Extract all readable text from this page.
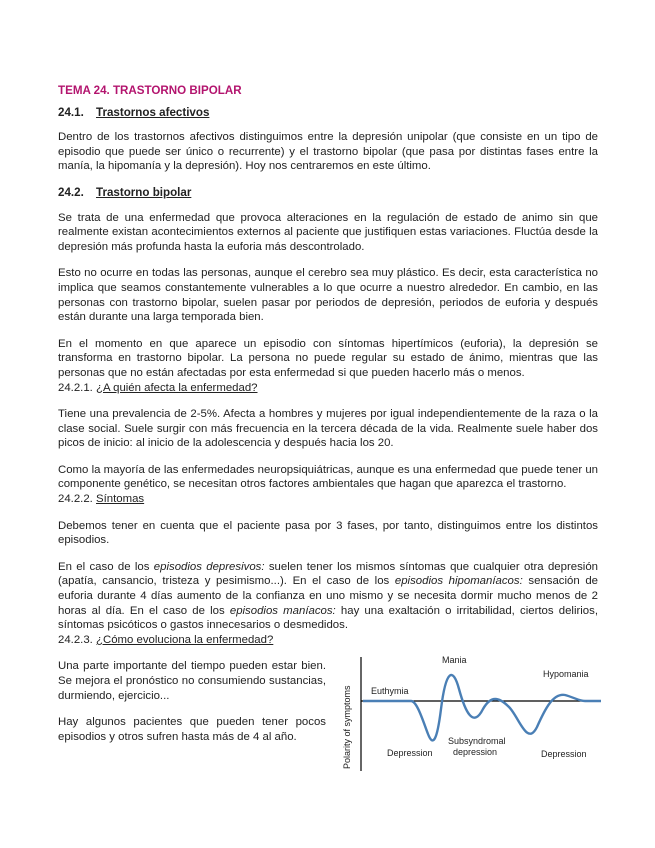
TEMA 24. TRASTORNO BIPOLAR
24.1. Trastornos afectivos

Dentro de los trastornos afectivos distinguimos entre la depresión unipolar (que consiste en un tipo de episodio que puede ser único o recurrente) y el trastorno bipolar (que pasa por distintas fases entre la manía, la hipomanía y la depresión). Hoy nos centraremos en este último.

24.2. Trastorno bipolar

Se trata de una enfermedad que provoca alteraciones en la regulación de estado de animo sin que realmente existan acontecimientos externos al paciente que justifiquen estas variaciones. Fluctúa desde la depresión más profunda hasta la euforia más descontrolado.

Esto no ocurre en todas las personas, aunque el cerebro sea muy plástico. Es decir, esta característica no implica que seamos constantemente vulnerables a lo que ocurre a nuestro alrededor. En cambio, en las personas con trastorno bipolar, suelen pasar por periodos de depresión, periodos de euforia y después están durante una larga temporada bien.

En el momento en que aparece un episodio con síntomas hipertímicos (euforia), la depresión se transforma en trastorno bipolar. La persona no puede regular su estado de ánimo, mientras que las personas que no están afectadas por esta enfermedad si que pueden hacerlo más o menos.

24.2.1. ¿A quién afecta la enfermedad?

Tiene una prevalencia de 2-5%. Afecta a hombres y mujeres por igual independientemente de la raza o la clase social. Suele surgir con más frecuencia en la tercera década de la vida. Realmente suele haber dos picos de inicio: al inicio de la adolescencia y después hacia los 20.

Como la mayoría de las enfermedades neuropsiquiátricas, aunque es una enfermedad que puede tener un componente genético, se necesitan otros factores ambientales que hagan que aparezca el trastorno.

24.2.2. Síntomas

Debemos tener en cuenta que el paciente pasa por 3 fases, por tanto, distinguimos entre los distintos episodios.

En el caso de los episodios depresivos: suelen tener los mismos síntomas que cualquier otra depresión (apatía, cansancio, tristeza y pesimismo...). En el caso de los episodios hipomaníacos: sensación de euforia durante 4 días aumento de la confianza en uno mismo y se necesita dormir mucho menos de 2 horas al día. En el caso de los episodios maníacos: hay una exaltación o irritabilidad, ciertos delirios, síntomas psicóticos o gastos innecesarios o desmedidos.

24.2.3. ¿Cómo evoluciona la enfermedad?

Una parte importante del tiempo pueden estar bien. Se mejora el pronóstico no consumiendo sustancias, durmiendo, ejercicio...

Hay algunos pacientes que pueden tener pocos episodios y otros sufren hasta más de 4 al año.	Polarity of symptoms Euthymia
Mania
Hypomania
Depression
Subsyndromal
depression	Depression
